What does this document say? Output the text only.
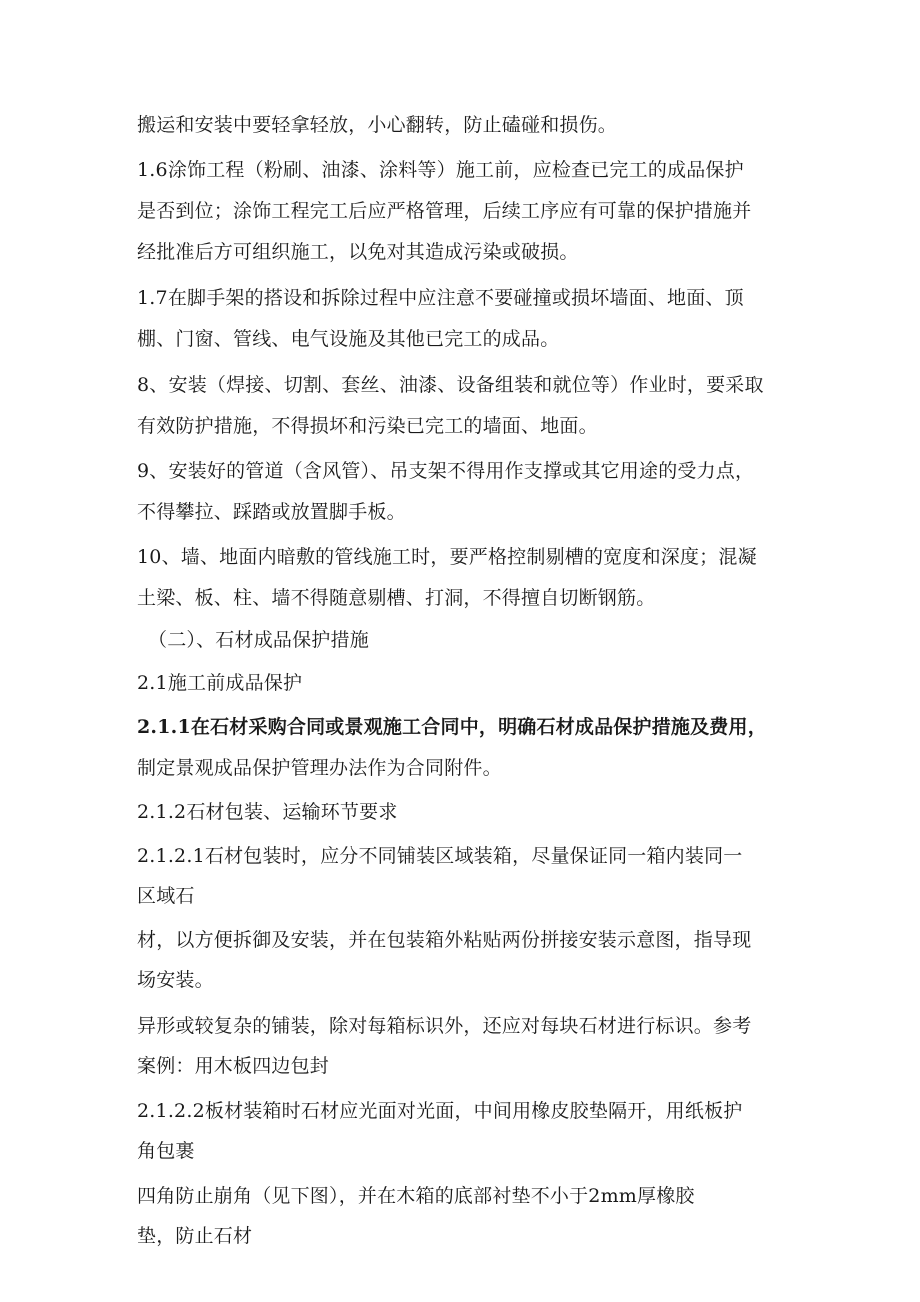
搬运和安装中要轻拿轻放，小心翻转，防止磕碰和损伤。
1.6涂饰工程（粉刷、油漆、涂料等）施工前，应检查已完工的成品保护
是否到位；涂饰工程完工后应严格管理，后续工序应有可靠的保护措施并
经批准后方可组织施工，以免对其造成污染或破损。
1.7在脚手架的搭设和拆除过程中应注意不要碰撞或损坏墙面、地面、顶
棚、门窗、管线、电气设施及其他已完工的成品。
8、安装（焊接、切割、套丝、油漆、设备组装和就位等）作业时，要采取
有效防护措施，不得损坏和污染已完工的墙面、地面。
9、安装好的管道（含风管）、吊支架不得用作支撑或其它用途的受力点，
不得攀拉、踩踏或放置脚手板。
10、墙、地面内暗敷的管线施工时，要严格控制剔槽的宽度和深度；混凝
土梁、板、柱、墙不得随意剔槽、打洞，不得擅自切断钢筋。
（二）、石材成品保护措施
2.1施工前成品保护
2.1.1在石材采购合同或景观施工合同中，明确石材成品保护措施及费用，
制定景观成品保护管理办法作为合同附件。
2.1.2石材包装、运输环节要求
2.1.2.1石材包装时，应分不同铺装区域装箱，尽量保证同一箱内装同一
区域石
材，以方便拆御及安装，并在包装箱外粘贴两份拼接安装示意图，指导现
场安装。
异形或较复杂的铺装，除对每箱标识外，还应对每块石材进行标识。参考
案例：用木板四边包封
2.1.2.2板材装箱时石材应光面对光面，中间用橡皮胶垫隔开，用纸板护
角包裹
四角防止崩角（见下图），并在木箱的底部衬垫不小于2mm厚橡胶
垫，防止石材
